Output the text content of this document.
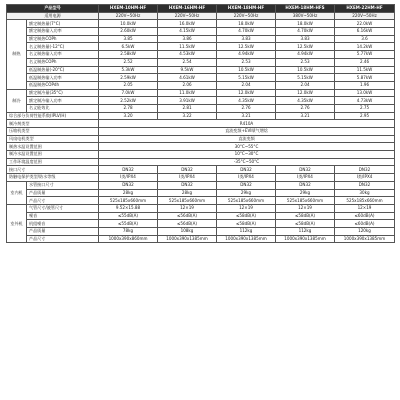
产品型号		HXEM-10HM-HF	HXEM-16HM-HF	HXEM-18HM-HF	HXEM-18HM-HFS	HXEM-22HM-HF
适用电源		220V~50Hz	220V~50Hz	220V~50Hz	380V~50Hz	220V~50Hz
制热	额定制热量(7°C)	10.0kW	16.0kW	18.0kW	18.0kW	22.0kW
	额定制热输入功率	2.60kW	4.15kW	4.70kW	4.70kW	6.16kW
	额定制热COPh	3.85	3.86	3.83	3.83	3.6
	名义制热量(-12°C)	6.5kW	11.5kW	12.5kW	12.5kW	14.2kW
	名义制热输入功率	2.58kW	4.53kW	4.94kW	4.94kW	5.77kW
	名义制热COPh	2.52	2.54	2.53	2.53	2.46
	低温制热量(-20°C)	5.3kW	9.5kW	10.5kW	10.5kW	11.5kW
	低温制热输入功率	2.59kW	4.61kW	5.15kW	5.15kW	5.87kW
	低温制热COPdh	2.05	2.06	2.04	2.04	1.96
制冷	额定制冷量(35°C)	7.0kW	11.0kW	12.0kW	12.0kW	13.0kW
	额定制冷输入功率	2.52kW	3.91kW	4.35kW	4.35kW	4.73kW
	名义能效比	2.78	2.81	2.76	2.76	2.75
综合部分负荷性能系数(IPLV(H)		3.20	3.22	3.21	3.21	2.95
制冷剂类型		R410A				
压缩机类型		直流变频+EVI喷气增焓				
风扇电机类型		直流变频				
制热水温设置范围		30°C~55°C				
制冷水温设置范围		10°C~30°C				
工作环境温度范围		-35°C~50°C				
接口尺寸		DN32	DN32	DN32	DN32	DN32
防触电保护类型/防水等级		I类/IPX4	I类/IPX4	I类/IPX4	I类/IPX4	I类/IPX4
室内机	水管接口尺寸	DN32	DN32	DN32	DN32	DN32
	产品质量	28kg	28kg	29kg	29kg	30kg
	产品尺寸	525x185x660mm	525x185x660mm	525x185x660mm	525x185x660mm	525x185x660mm
室外机	气管尺寸/液管尺寸	9.52×15.88	12×19	12×19	12×19	12×19
	噪音	≤55dB(A)	≤56dB(A)	≤58dB(A)	≤58dB(A)	≤60dB(A)
	机组噪音	≤55dB(A)	≤56dB(A)	≤58dB(A)	≤58dB(A)	≤60dB(A)
	产品质量	78kg	108kg	112kg	112kg	120kg
	产品尺寸	1000x390x860mm	1000x390x1385mm	1000x390x1385mm	1000x390x1385mm	1000x390x1385mm
